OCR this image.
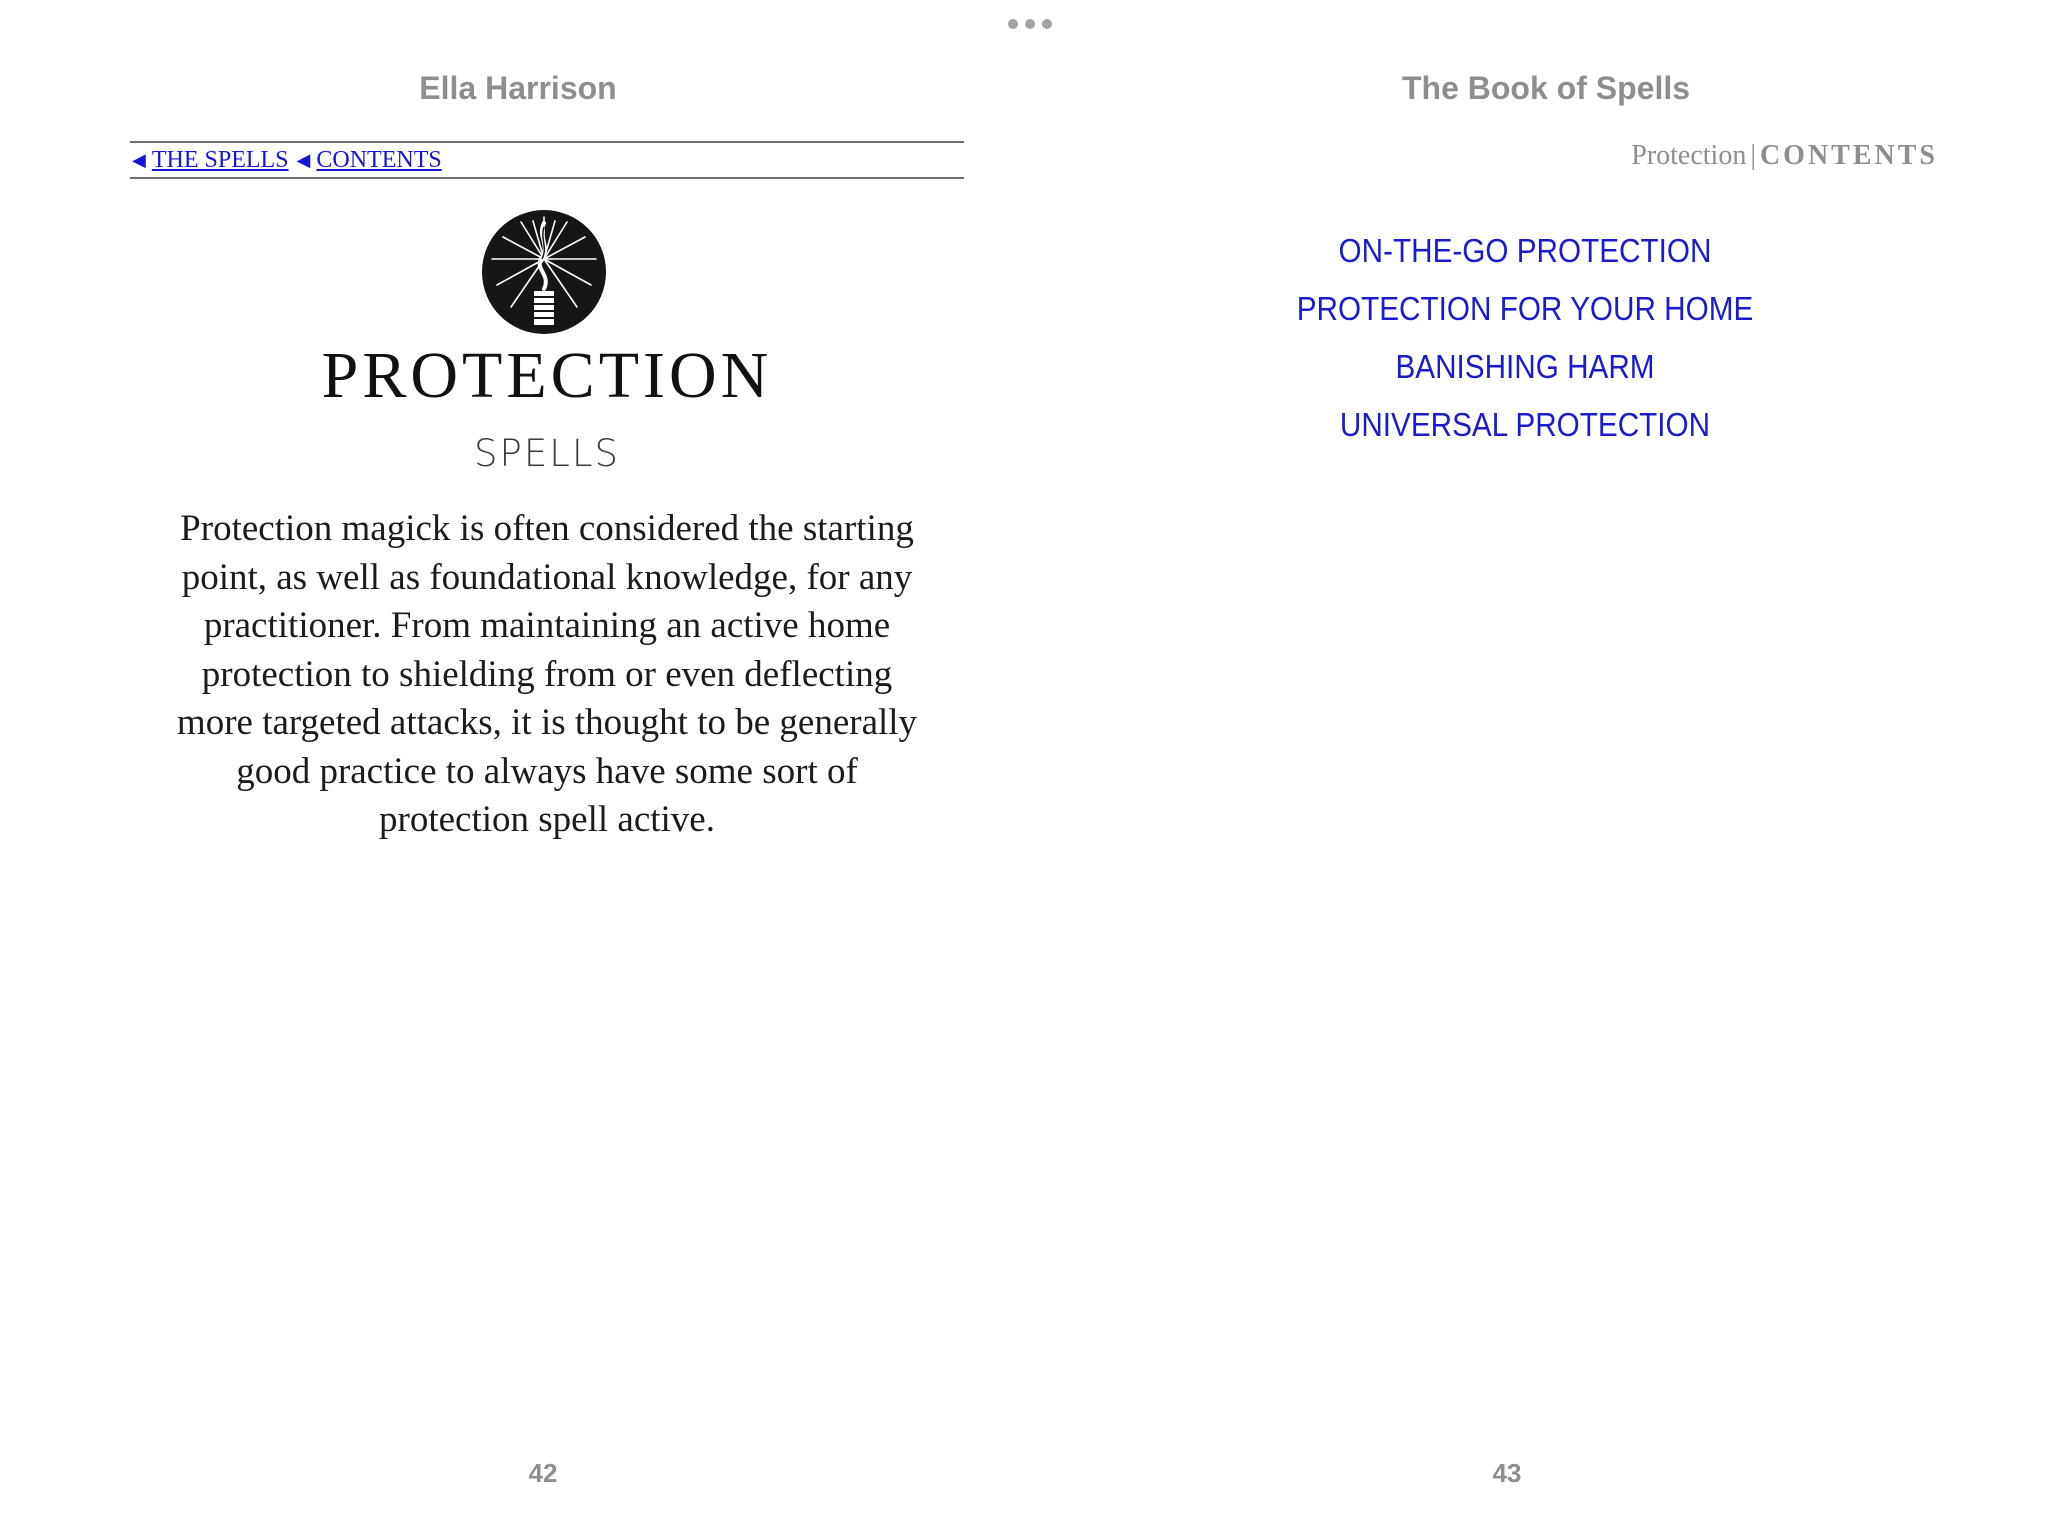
Ella Harrison
◀ THE SPELLS ◀ CONTENTS
PROTECTION
SPELLS

Protection magick is often considered the starting
point, as well as foundational knowledge, for any
practitioner. From maintaining an active home
protection to shielding from or even deflecting
more targeted attacks, it is thought to be generally
good practice to always have some sort of
protection spell active.

42
The Book of Spells
Protection | CONTENTS
ON-THE-GO PROTECTION
PROTECTION FOR YOUR HOME
BANISHING HARM
UNIVERSAL PROTECTION
43
